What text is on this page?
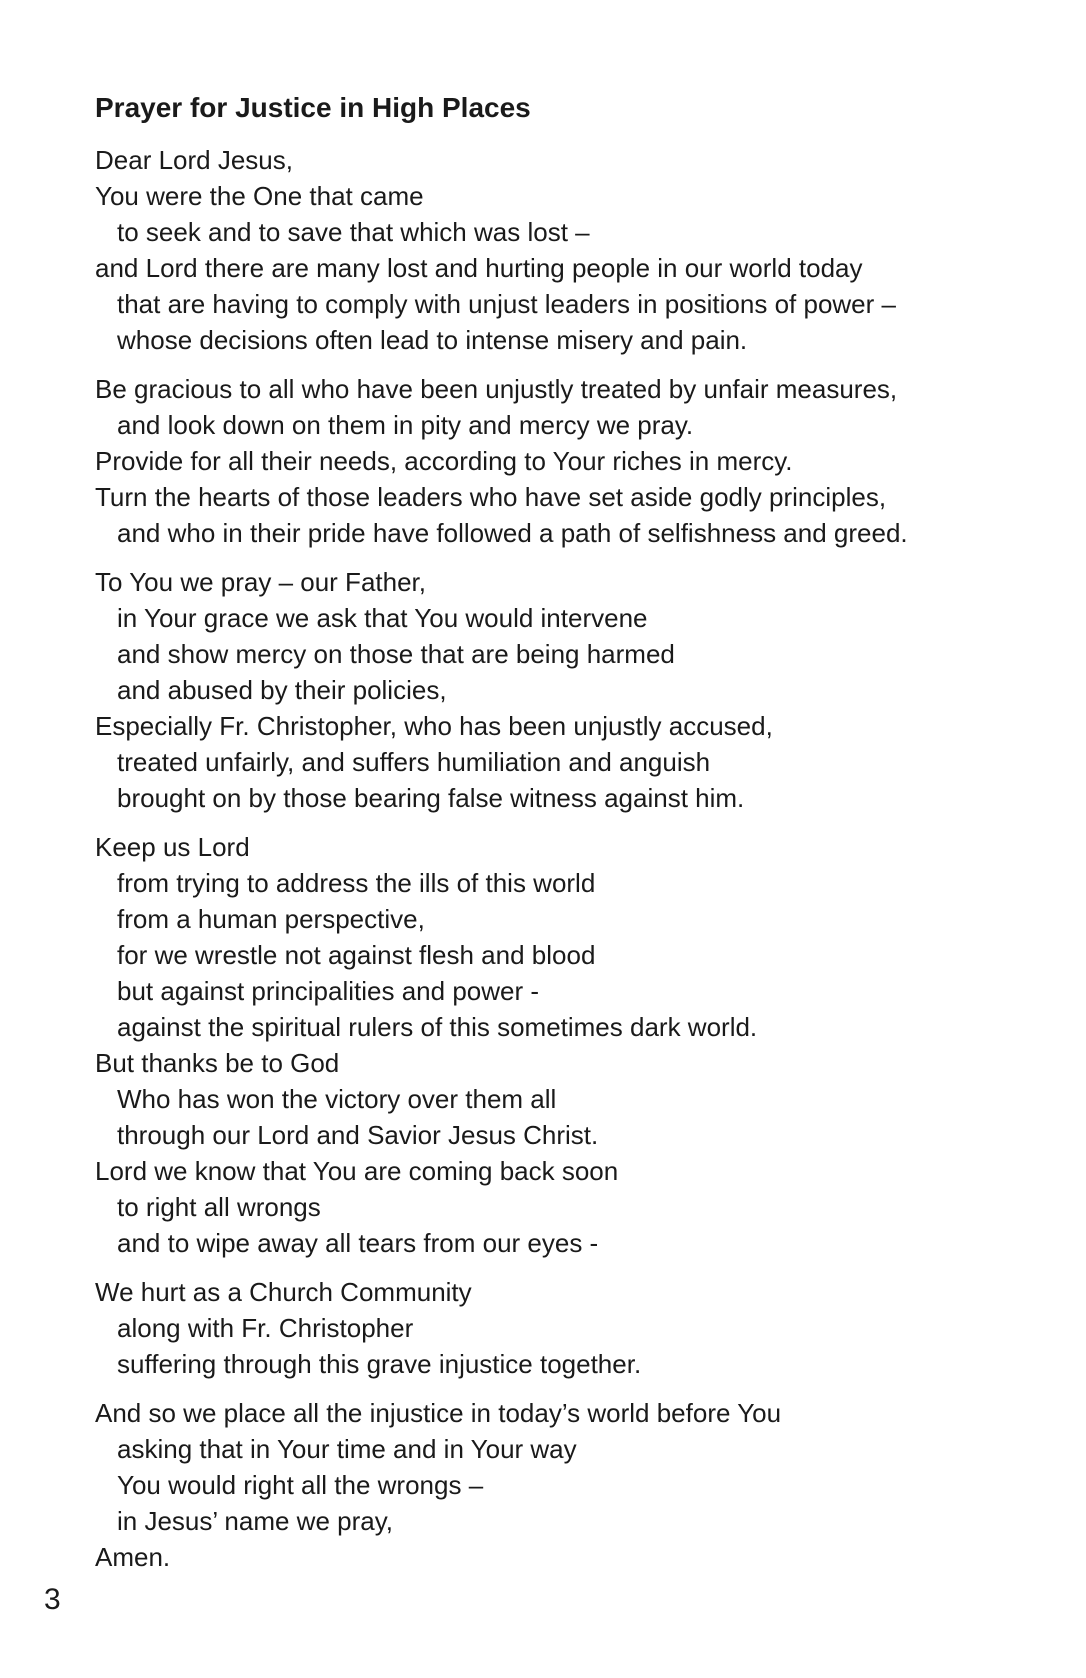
Prayer for Justice in High Places
Dear Lord Jesus,
You were the One that came
to seek and to save that which was lost –
and Lord there are many lost and hurting people in our world today
that are having to comply with unjust leaders in positions of power –
whose decisions often lead to intense misery and pain.
Be gracious to all who have been unjustly treated by unfair measures,
and look down on them in pity and mercy we pray.
Provide for all their needs, according to Your riches in mercy.
Turn the hearts of those leaders who have set aside godly principles,
and who in their pride have followed a path of selfishness and greed.
To You we pray – our Father,
in Your grace we ask that You would intervene
and show mercy on those that are being harmed
and abused by their policies,
Especially Fr. Christopher, who has been unjustly accused,
treated unfairly, and suffers humiliation and anguish
brought on by those bearing false witness against him.
Keep us Lord
from trying to address the ills of this world
from a human perspective,
for we wrestle not against flesh and blood
but against principalities and power -
against the spiritual rulers of this sometimes dark world.
But thanks be to God
Who has won the victory over them all
through our Lord and Savior Jesus Christ.
Lord we know that You are coming back soon
to right all wrongs
and to wipe away all tears from our eyes -
We hurt as a Church Community
along with Fr. Christopher
suffering through this grave injustice together.
And so we place all the injustice in today’s world before You
asking that in Your time and in Your way
You would right all the wrongs –
in Jesus’ name we pray,
Amen.
3
